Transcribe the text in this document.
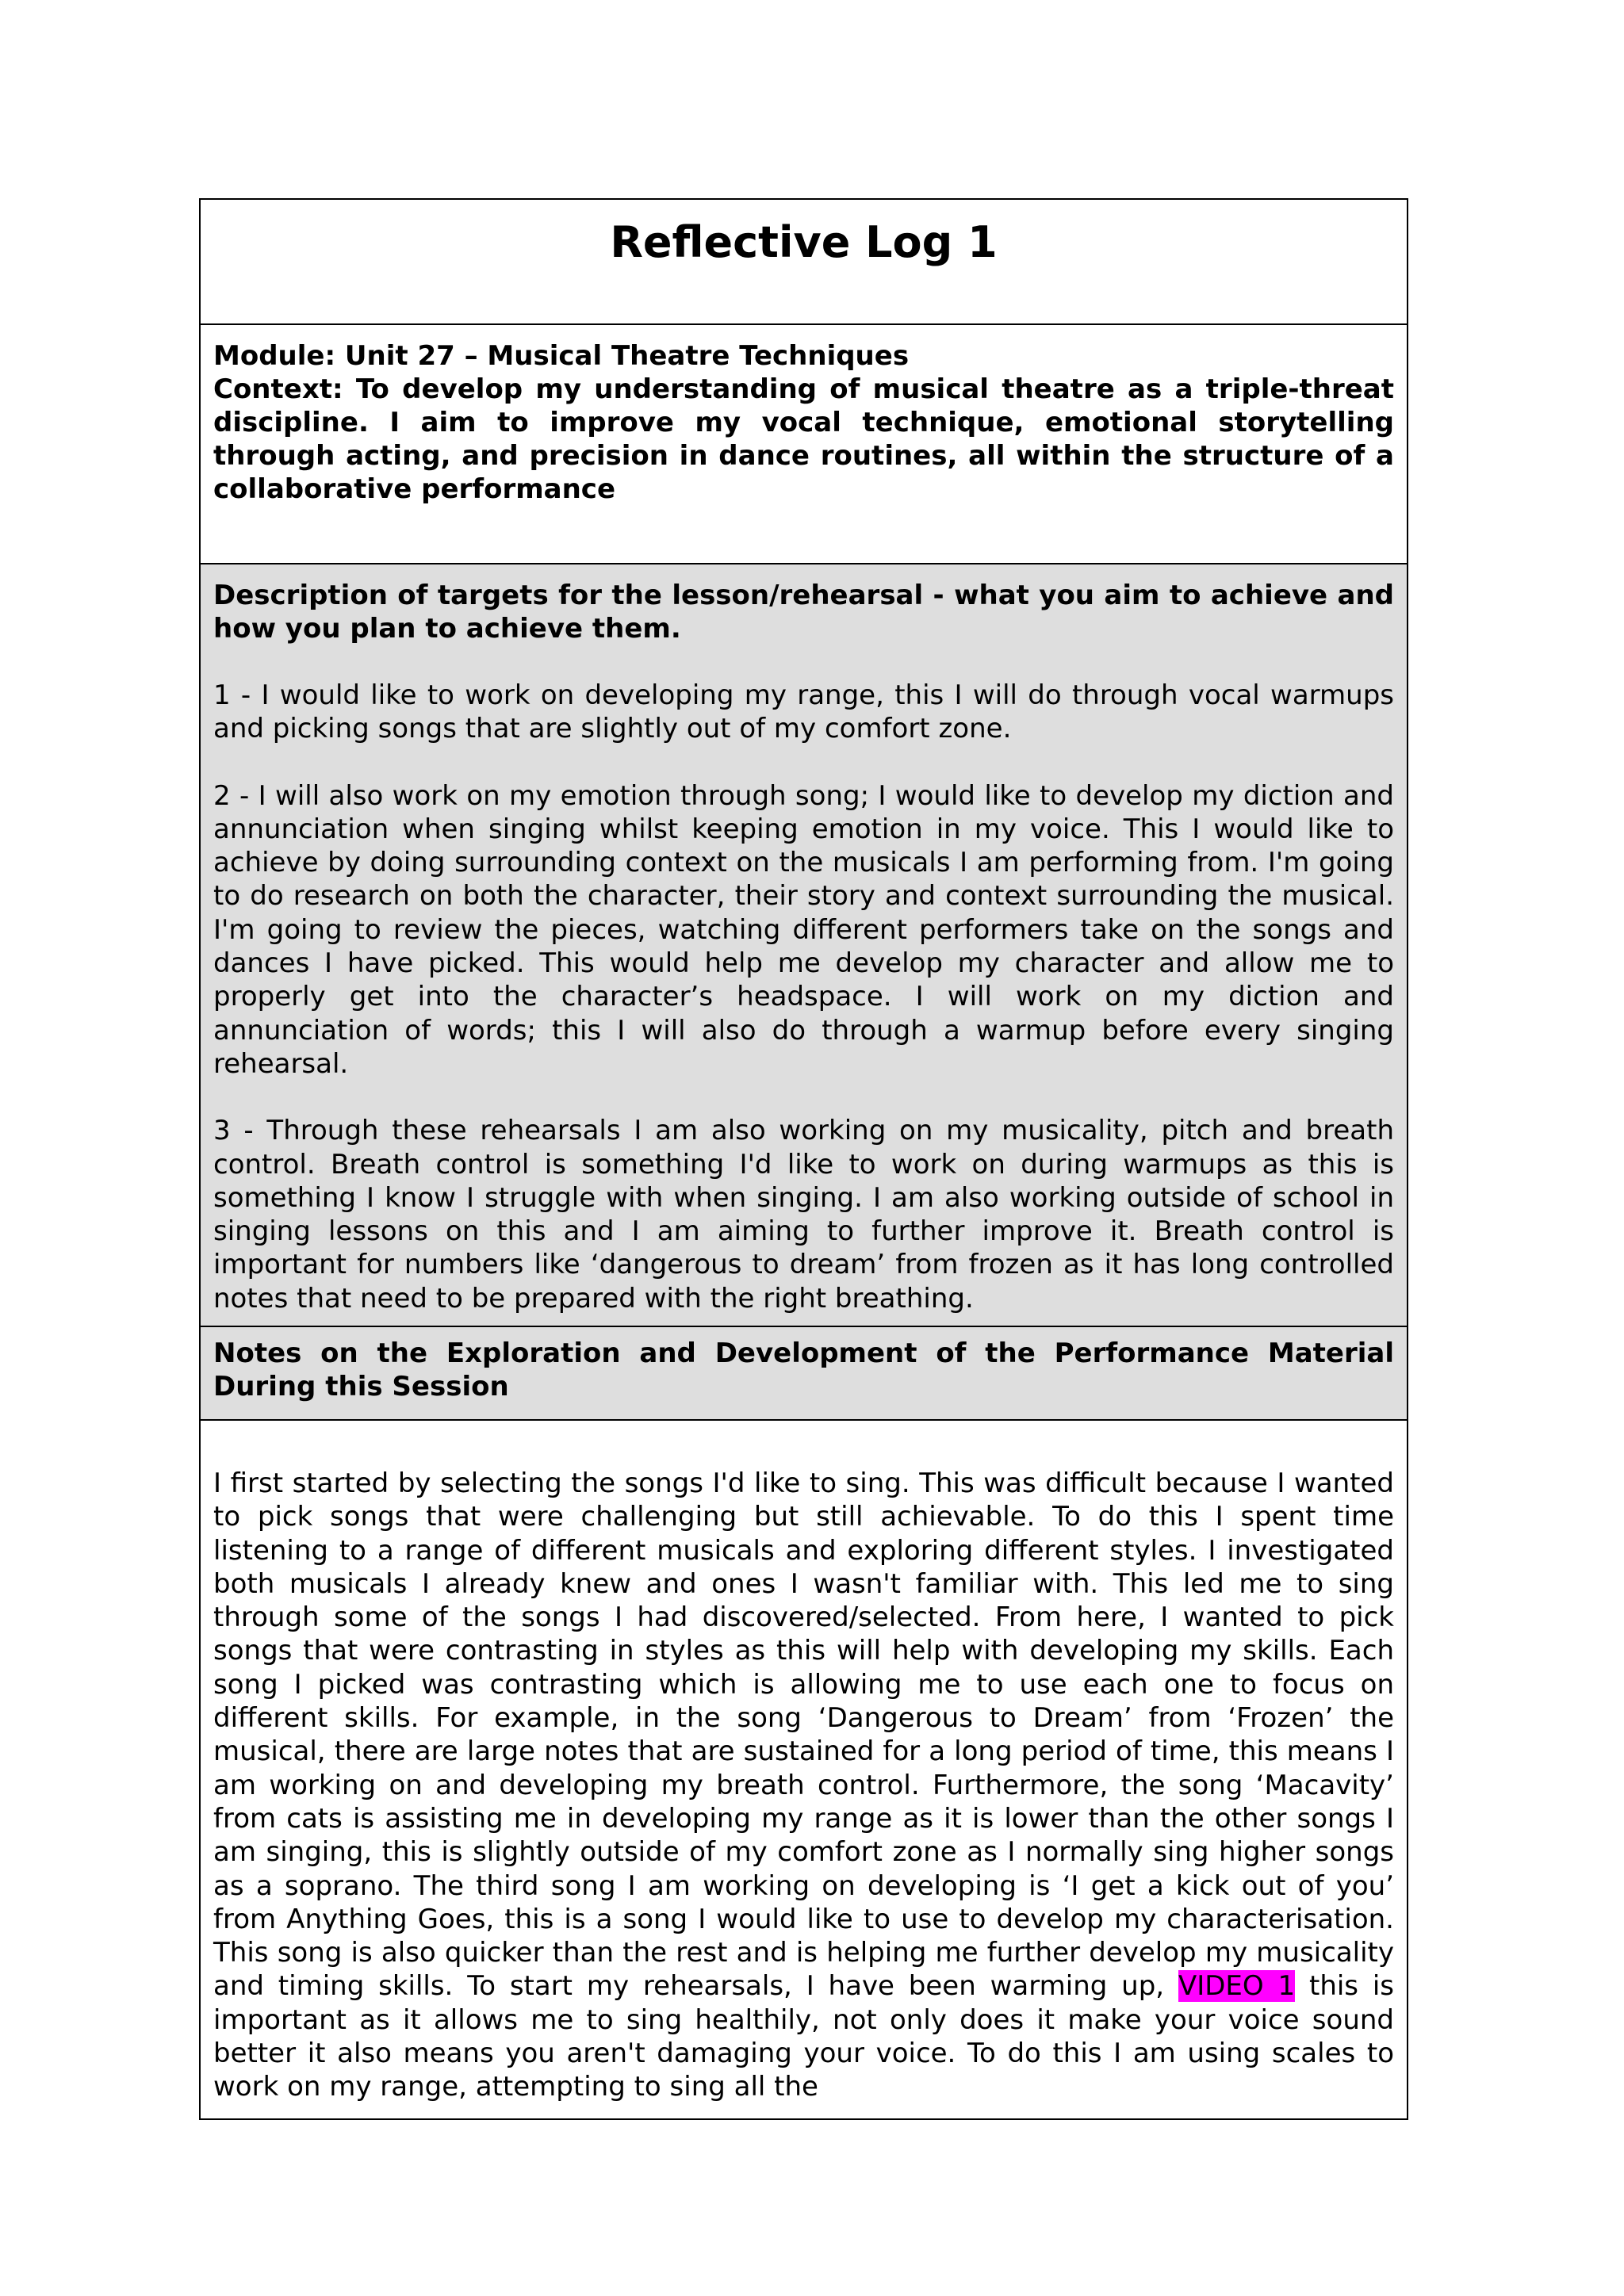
Reflective Log 1

Module: Unit 27 – Musical Theatre Techniques

Context: To develop my understanding of musical theatre as a triple-threat discipline. I aim to improve my vocal technique, emotional storytelling through acting, and precision in dance routines, all within the structure of a collaborative performance

Description of targets for the lesson/rehearsal - what you aim to achieve and how you plan to achieve them.

1 - I would like to work on developing my range, this I will do through vocal warmups and picking songs that are slightly out of my comfort zone.

2 - I will also work on my emotion through song; I would like to develop my diction and annunciation when singing whilst keeping emotion in my voice. This I would like to achieve by doing surrounding context on the musicals I am performing from. I'm going to do research on both the character, their story and context surrounding the musical. I'm going to review the pieces, watching different performers take on the songs and dances I have picked. This would help me develop my character and allow me to properly get into the character’s headspace. I will work on my diction and annunciation of words; this I will also do through a warmup before every singing rehearsal.

3 - Through these rehearsals I am also working on my musicality, pitch and breath control. Breath control is something I'd like to work on during warmups as this is something I know I struggle with when singing. I am also working outside of school in singing lessons on this and I am aiming to further improve it. Breath control is important for numbers like ‘dangerous to dream’ from frozen as it has long controlled notes that need to be prepared with the right breathing.

Notes on the Exploration and Development of the Performance Material During this Session

I first started by selecting the songs I'd like to sing. This was difficult because I wanted to pick songs that were challenging but still achievable. To do this I spent time listening to a range of different musicals and exploring different styles. I investigated both musicals I already knew and ones I wasn't familiar with. This led me to sing through some of the songs I had discovered/selected. From here, I wanted to pick songs that were contrasting in styles as this will help with developing my skills. Each song I picked was contrasting which is allowing me to use each one to focus on different skills. For example, in the song ‘Dangerous to Dream’ from ‘Frozen’ the musical, there are large notes that are sustained for a long period of time, this means I am working on and developing my breath control. Furthermore, the song ‘Macavity’ from cats is assisting me in developing my range as it is lower than the other songs I am singing, this is slightly outside of my comfort zone as I normally sing higher songs as a soprano. The third song I am working on developing is ‘I get a kick out of you’ from Anything Goes, this is a song I would like to use to develop my characterisation. This song is also quicker than the rest and is helping me further develop my musicality and timing skills. To start my rehearsals, I have been warming up, VIDEO 1 this is important as it allows me to sing healthily, not only does it make your voice sound better it also means you aren't damaging your voice. To do this I am using scales to work on my range, attempting to sing all the
